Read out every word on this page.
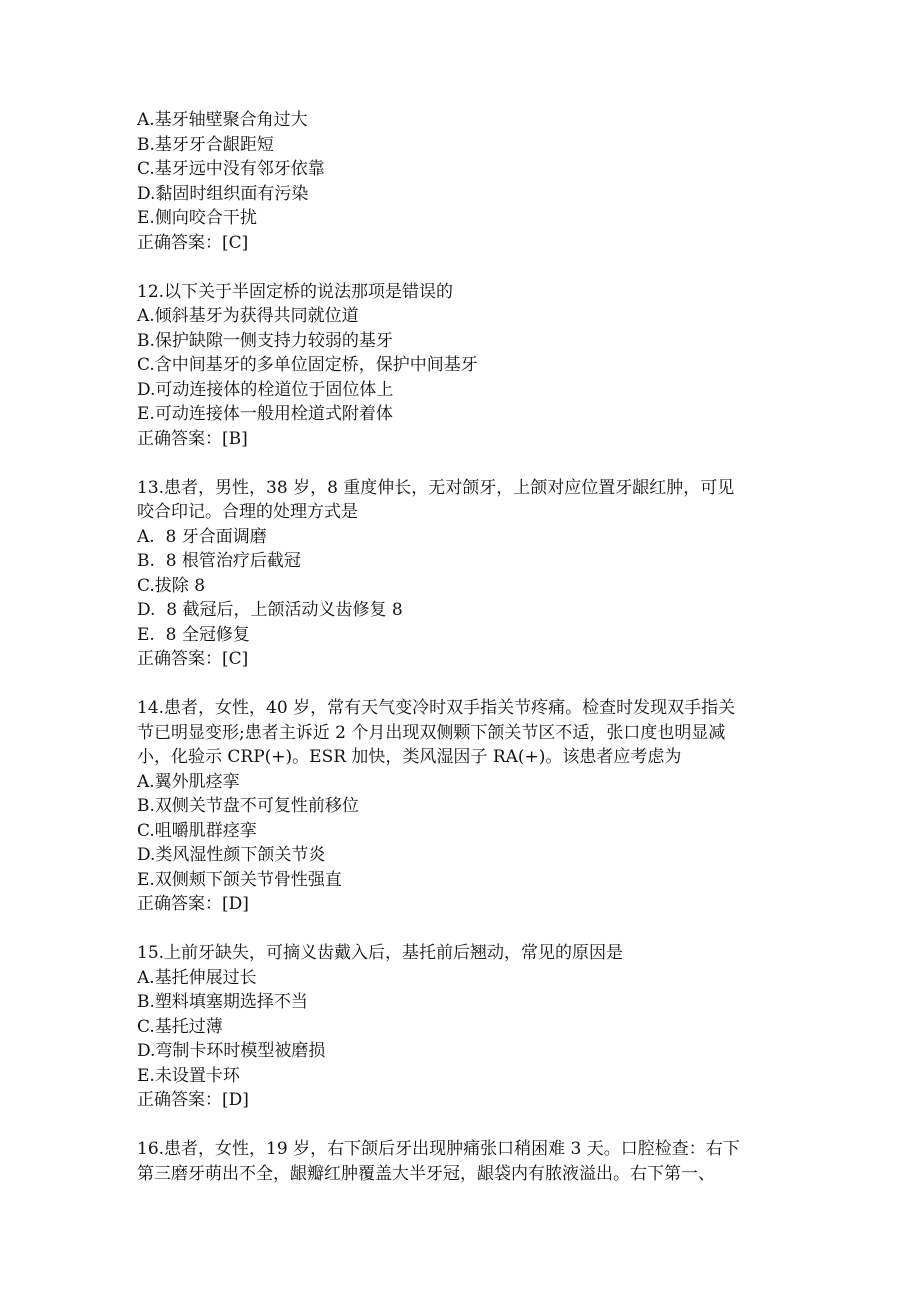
A.基牙轴壁聚合角过大
B.基牙牙合龈距短
C.基牙远中没有邻牙依靠
D.黏固时组织面有污染
E.侧向咬合干扰
正确答案：[C]
12.以下关于半固定桥的说法那项是错误的
A.倾斜基牙为获得共同就位道
B.保护缺隙一侧支持力较弱的基牙
C.含中间基牙的多单位固定桥，保护中间基牙
D.可动连接体的栓道位于固位体上
E.可动连接体一般用栓道式附着体
正确答案：[B]
13.患者，男性，38 岁，8 重度伸长，无对颌牙，上颌对应位置牙龈红肿，可见
咬合印记。合理的处理方式是
A.  8 牙合面调磨
B.  8 根管治疗后截冠
C.拔除 8
D.  8 截冠后，上颌活动义齿修复 8
E.  8 全冠修复
正确答案：[C]
14.患者，女性，40 岁，常有天气变冷时双手指关节疼痛。检查时发现双手指关
节已明显变形;患者主诉近 2 个月出现双侧颗下颌关节区不适，张口度也明显减
小，化验示 CRP(+)。ESR 加快，类风湿因子 RA(+)。该患者应考虑为
A.翼外肌痉挛
B.双侧关节盘不可复性前移位
C.咀嚼肌群痉挛
D.类风湿性颜下颌关节炎
E.双侧颊下颌关节骨性强直
正确答案：[D]
15.上前牙缺失，可摘义齿戴入后，基托前后翘动，常见的原因是
A.基托伸展过长
B.塑料填塞期选择不当
C.基托过薄
D.弯制卡环时模型被磨损
E.未设置卡环
正确答案：[D]
16.患者，女性，19 岁，右下颌后牙出现肿痛张口稍困难 3 天。口腔检查：右下
第三磨牙萌出不全，龈瓣红肿覆盖大半牙冠，龈袋内有脓液溢出。右下第一、
